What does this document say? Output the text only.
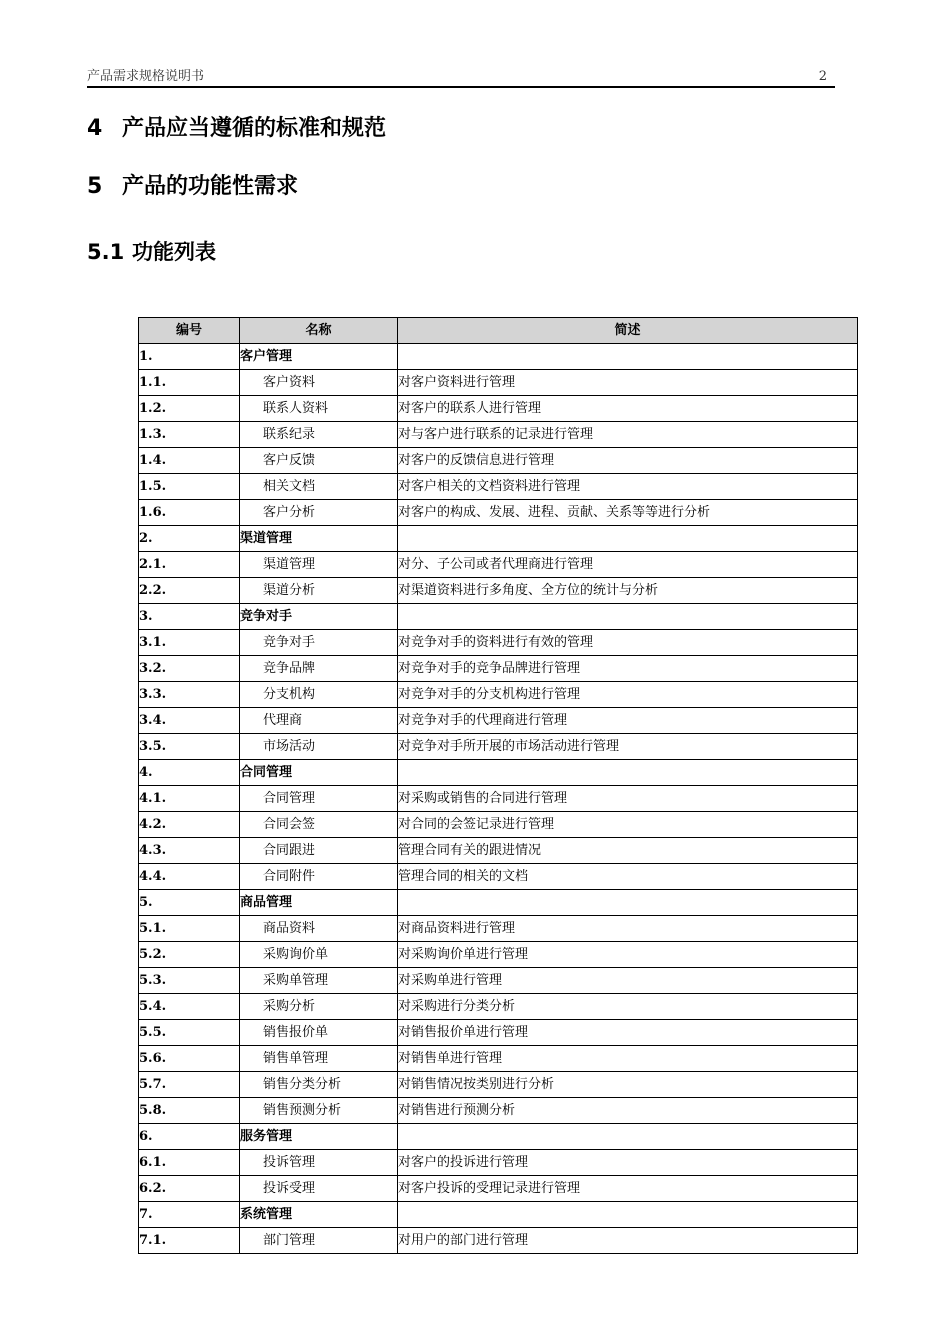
产品需求规格说明书	2
4 产品应当遵循的标准和规范
5 产品的功能性需求
5.1 功能列表
编号	名称	简述
1.	客户管理	
1.1.	客户资料	对客户资料进行管理
1.2.	联系人资料	对客户的联系人进行管理
1.3.	联系纪录	对与客户进行联系的记录进行管理
1.4.	客户反馈	对客户的反馈信息进行管理
1.5.	相关文档	对客户相关的文档资料进行管理
1.6.	客户分析	对客户的构成、发展、进程、贡献、关系等等进行分析
2.	渠道管理	
2.1.	渠道管理	对分、子公司或者代理商进行管理
2.2.	渠道分析	对渠道资料进行多角度、全方位的统计与分析
3.	竞争对手	
3.1.	竞争对手	对竞争对手的资料进行有效的管理
3.2.	竞争品牌	对竞争对手的竞争品牌进行管理
3.3.	分支机构	对竞争对手的分支机构进行管理
3.4.	代理商	对竞争对手的代理商进行管理
3.5.	市场活动	对竞争对手所开展的市场活动进行管理
4.	合同管理	
4.1.	合同管理	对采购或销售的合同进行管理
4.2.	合同会签	对合同的会签记录进行管理
4.3.	合同跟进	管理合同有关的跟进情况
4.4.	合同附件	管理合同的相关的文档
5.	商品管理	
5.1.	商品资料	对商品资料进行管理
5.2.	采购询价单	对采购询价单进行管理
5.3.	采购单管理	对采购单进行管理
5.4.	采购分析	对采购进行分类分析
5.5.	销售报价单	对销售报价单进行管理
5.6.	销售单管理	对销售单进行管理
5.7.	销售分类分析	对销售情况按类别进行分析
5.8.	销售预测分析	对销售进行预测分析
6.	服务管理	
6.1.	投诉管理	对客户的投诉进行管理
6.2.	投诉受理	对客户投诉的受理记录进行管理
7.	系统管理	
7.1.	部门管理	对用户的部门进行管理
